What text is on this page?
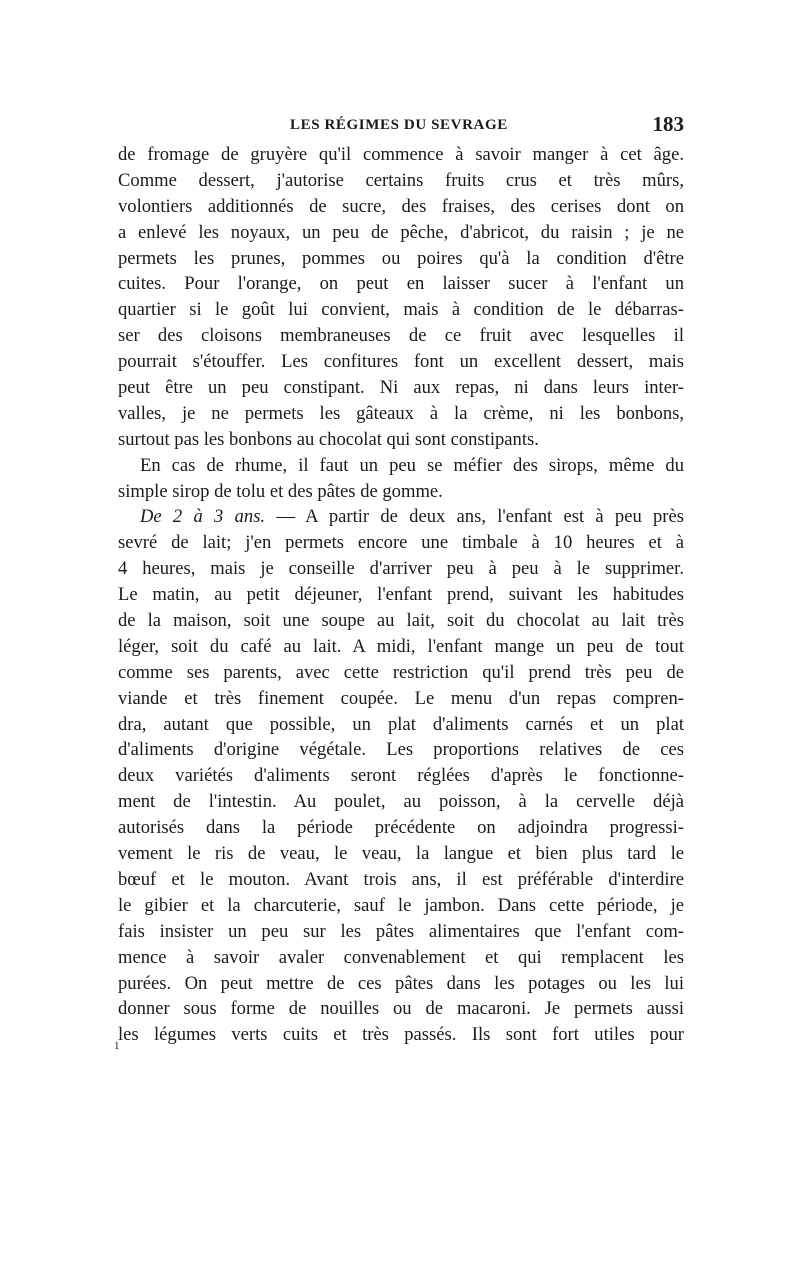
LES RÉGIMES DU SEVRAGE	183
de fromage de gruyère qu'il commence à savoir manger à cet âge.
Comme dessert, j'autorise certains fruits crus et très mûrs,
volontiers additionnés de sucre, des fraises, des cerises dont on
a enlevé les noyaux, un peu de pêche, d'abricot, du raisin ; je ne
permets les prunes, pommes ou poires qu'à la condition d'être
cuites. Pour l'orange, on peut en laisser sucer à l'enfant un
quartier si le goût lui convient, mais à condition de le débarras-
ser des cloisons membraneuses de ce fruit avec lesquelles il
pourrait s'étouffer. Les confitures font un excellent dessert, mais
peut être un peu constipant. Ni aux repas, ni dans leurs inter-
valles, je ne permets les gâteaux à la crème, ni les bonbons,
surtout pas les bonbons au chocolat qui sont constipants.
En cas de rhume, il faut un peu se méfier des sirops, même du
simple sirop de tolu et des pâtes de gomme.
De 2 à 3 ans. — A partir de deux ans, l'enfant est à peu près
sevré de lait; j'en permets encore une timbale à 10 heures et à
4 heures, mais je conseille d'arriver peu à peu à le supprimer.
Le matin, au petit déjeuner, l'enfant prend, suivant les habitudes
de la maison, soit une soupe au lait, soit du chocolat au lait très
léger, soit du café au lait. A midi, l'enfant mange un peu de tout
comme ses parents, avec cette restriction qu'il prend très peu de
viande et très finement coupée. Le menu d'un repas compren-
dra, autant que possible, un plat d'aliments carnés et un plat
d'aliments d'origine végétale. Les proportions relatives de ces
deux variétés d'aliments seront réglées d'après le fonctionne-
ment de l'intestin. Au poulet, au poisson, à la cervelle déjà
autorisés dans la période précédente on adjoindra progressi-
vement le ris de veau, le veau, la langue et bien plus tard le
bœuf et le mouton. Avant trois ans, il est préférable d'interdire
le gibier et la charcuterie, sauf le jambon. Dans cette période, je
fais insister un peu sur les pâtes alimentaires que l'enfant com-
mence à savoir avaler convenablement et qui remplacent les
purées. On peut mettre de ces pâtes dans les potages ou les lui
donner sous forme de nouilles ou de macaroni. Je permets aussi
les légumes verts cuits et très passés. Ils sont fort utiles pour
1
